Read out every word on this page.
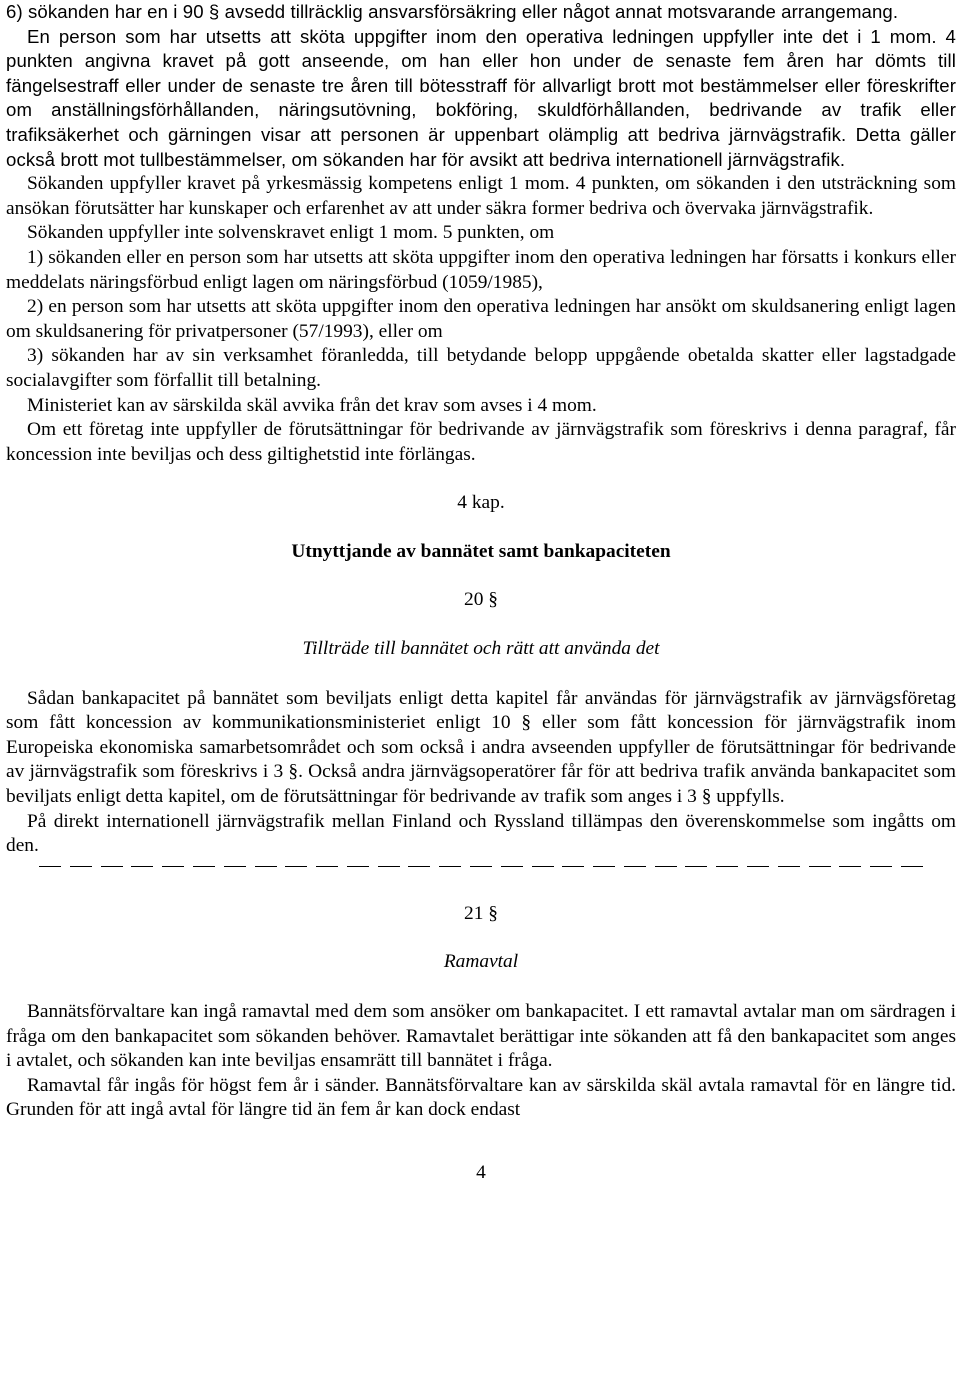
6) sökanden har en i 90 § avsedd tillräcklig ansvarsförsäkring eller något annat motsvarande arrangemang.

En person som har utsetts att sköta uppgifter inom den operativa ledningen uppfyller inte det i 1 mom. 4 punkten angivna kravet på gott anseende, om han eller hon under de senaste fem åren har dömts till fängelsestraff eller under de senaste tre åren till bötesstraff för allvarligt brott mot bestämmelser eller föreskrifter om anställningsförhållanden, näringsutövning, bokföring, skuldförhållanden, bedrivande av trafik eller trafiksäkerhet och gärningen visar att personen är uppenbart olämplig att bedriva järnvägstrafik. Detta gäller också brott mot tullbestämmelser, om sökanden har för avsikt att bedriva internationell järnvägstrafik.

Sökanden uppfyller kravet på yrkesmässig kompetens enligt 1 mom. 4 punkten, om sökanden i den utsträckning som ansökan förutsätter har kunskaper och erfarenhet av att under säkra former bedriva och övervaka järnvägstrafik.

Sökanden uppfyller inte solvenskravet enligt 1 mom. 5 punkten, om

1) sökanden eller en person som har utsetts att sköta uppgifter inom den operativa ledningen har försatts i konkurs eller meddelats näringsförbud enligt lagen om näringsförbud (1059/1985),

2) en person som har utsetts att sköta uppgifter inom den operativa ledningen har ansökt om skuldsanering enligt lagen om skuldsanering för privatpersoner (57/1993), eller om

3) sökanden har av sin verksamhet föranledda, till betydande belopp uppgående obetalda skatter eller lagstadgade socialavgifter som förfallit till betalning.

Ministeriet kan av särskilda skäl avvika från det krav som avses i 4 mom.

Om ett företag inte uppfyller de förutsättningar för bedrivande av järnvägstrafik som föreskrivs i denna paragraf, får koncession inte beviljas och dess giltighetstid inte förlängas.

4 kap.

Utnyttjande av bannätet samt bankapaciteten

20 §

Tillträde till bannätet och rätt att använda det

Sådan bankapacitet på bannätet som beviljats enligt detta kapitel får användas för järnvägstrafik av järnvägsföretag som fått koncession av kommunikationsministeriet enligt 10 § eller som fått koncession för järnvägstrafik inom Europeiska ekonomiska samarbetsområdet och som också i andra avseenden uppfyller de förutsättningar för bedrivande av järnvägstrafik som föreskrivs i 3 §. Också andra järnvägsoperatörer får för att bedriva trafik använda bankapacitet som beviljats enligt detta kapitel, om de förutsättningar för bedrivande av trafik som anges i 3 § uppfylls.

På direkt internationell järnvägstrafik mellan Finland och Ryssland tillämpas den överenskommelse som ingåtts om den.

21 §

Ramavtal

Bannätsförvaltare kan ingå ramavtal med dem som ansöker om bankapacitet. I ett ramavtal avtalar man om särdragen i fråga om den bankapacitet som sökanden behöver. Ramavtalet berättigar inte sökanden att få den bankapacitet som anges i avtalet, och sökanden kan inte beviljas ensamrätt till bannätet i fråga.

Ramavtal får ingås för högst fem år i sänder. Bannätsförvaltare kan av särskilda skäl avtala ramavtal för en längre tid. Grunden för att ingå avtal för längre tid än fem år kan dock endast

4
